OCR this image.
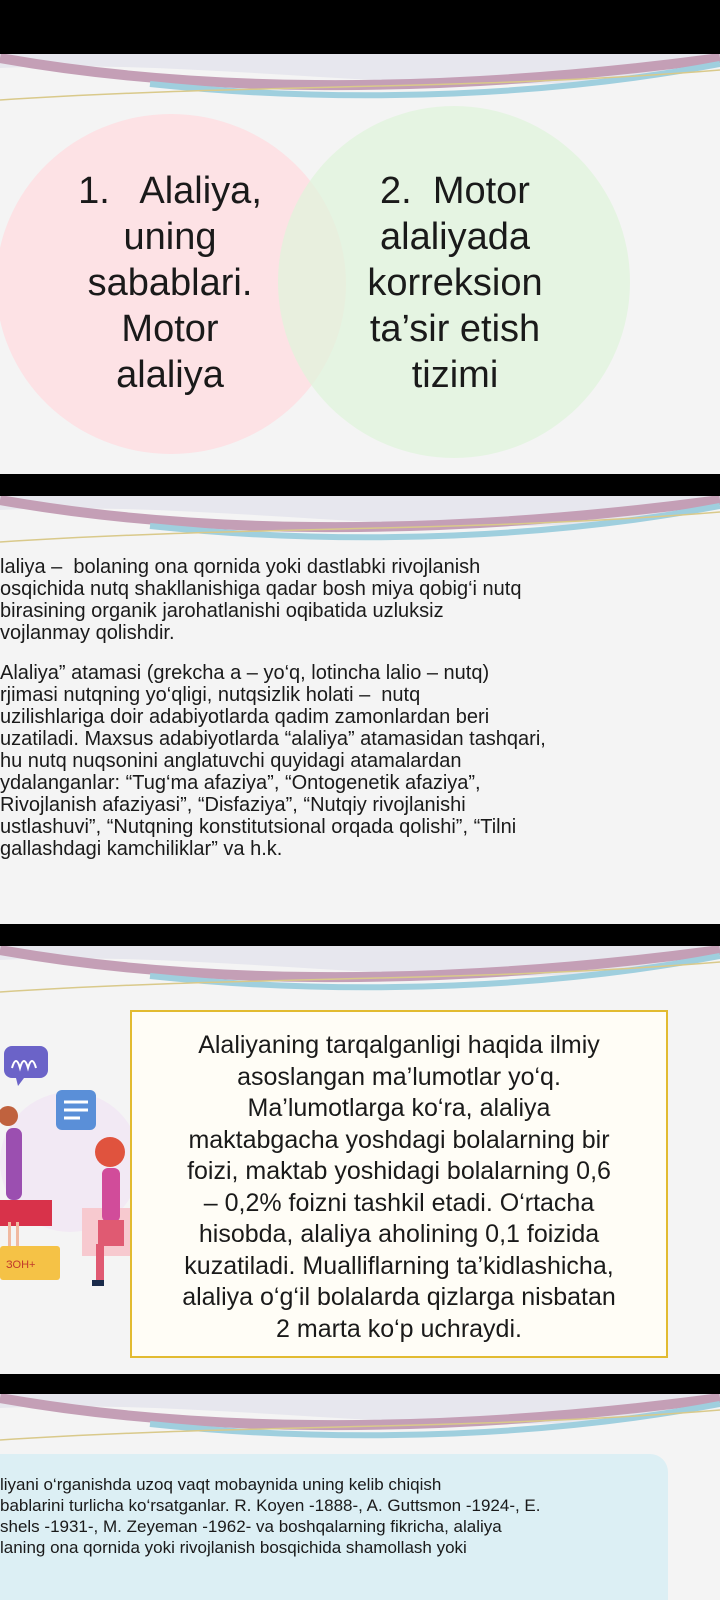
1.   Alaliya,
uning
sabablari.
Motor
alaliya
2.  Motor
alaliyada
korreksion
ta’sir etish
tizimi
laliya –  bolaning ona qornida yoki dastlabki rivojlanish
osqichida nutq shakllanishiga qadar bosh miya qobig‘i nutq
birasining organik jarohatlanishi oqibatida uzluksiz
vojlanmay qolishdir.
Alaliya” atamasi (grekcha a – yo‘q, lotincha lalio – nutq)
rjimasi nutqning yo‘qligi, nutqsizlik holati –  nutq
uzilishlariga doir adabiyotlarda qadim zamonlardan beri
uzatiladi. Maxsus adabiyotlarda “alaliya” atamasidan tashqari,
hu nutq nuqsonini anglatuvchi quyidagi atamalardan
ydalanganlar: “Tug‘ma afaziya”, “Ontogenetik afaziya”,
Rivojlanish afaziyasi”, “Disfaziya”, “Nutqiy rivojlanishi
ustlashuvi”, “Nutqning konstitutsional orqada qolishi”, “Tilni
gallashdagi kamchiliklar” va h.k.
ЗОН+
Alaliyaning tarqalganligi haqida ilmiy
asoslangan ma’lumotlar yo‘q.
Ma’lumotlarga ko‘ra, alaliya
maktabgacha yoshdagi bolalarning bir
foizi, maktab yoshidagi bolalarning 0,6
– 0,2% foizni tashkil etadi. O‘rtacha
hisobda, alaliya aholining 0,1 foizida
kuzatiladi. Mualliflarning ta’kidlashicha,
alaliya o‘g‘il bolalarda qizlarga nisbatan
2 marta ko‘p uchraydi.
liyani o‘rganishda uzoq vaqt mobaynida uning kelib chiqish
bablarini turlicha ko‘rsatganlar. R. Koyen -1888-, A. Guttsmon -1924-, E.
shels -1931-, M. Zeyeman -1962- va boshqalarning fikricha, alaliya
laning ona qornida yoki rivojlanish bosqichida shamollash yoki
